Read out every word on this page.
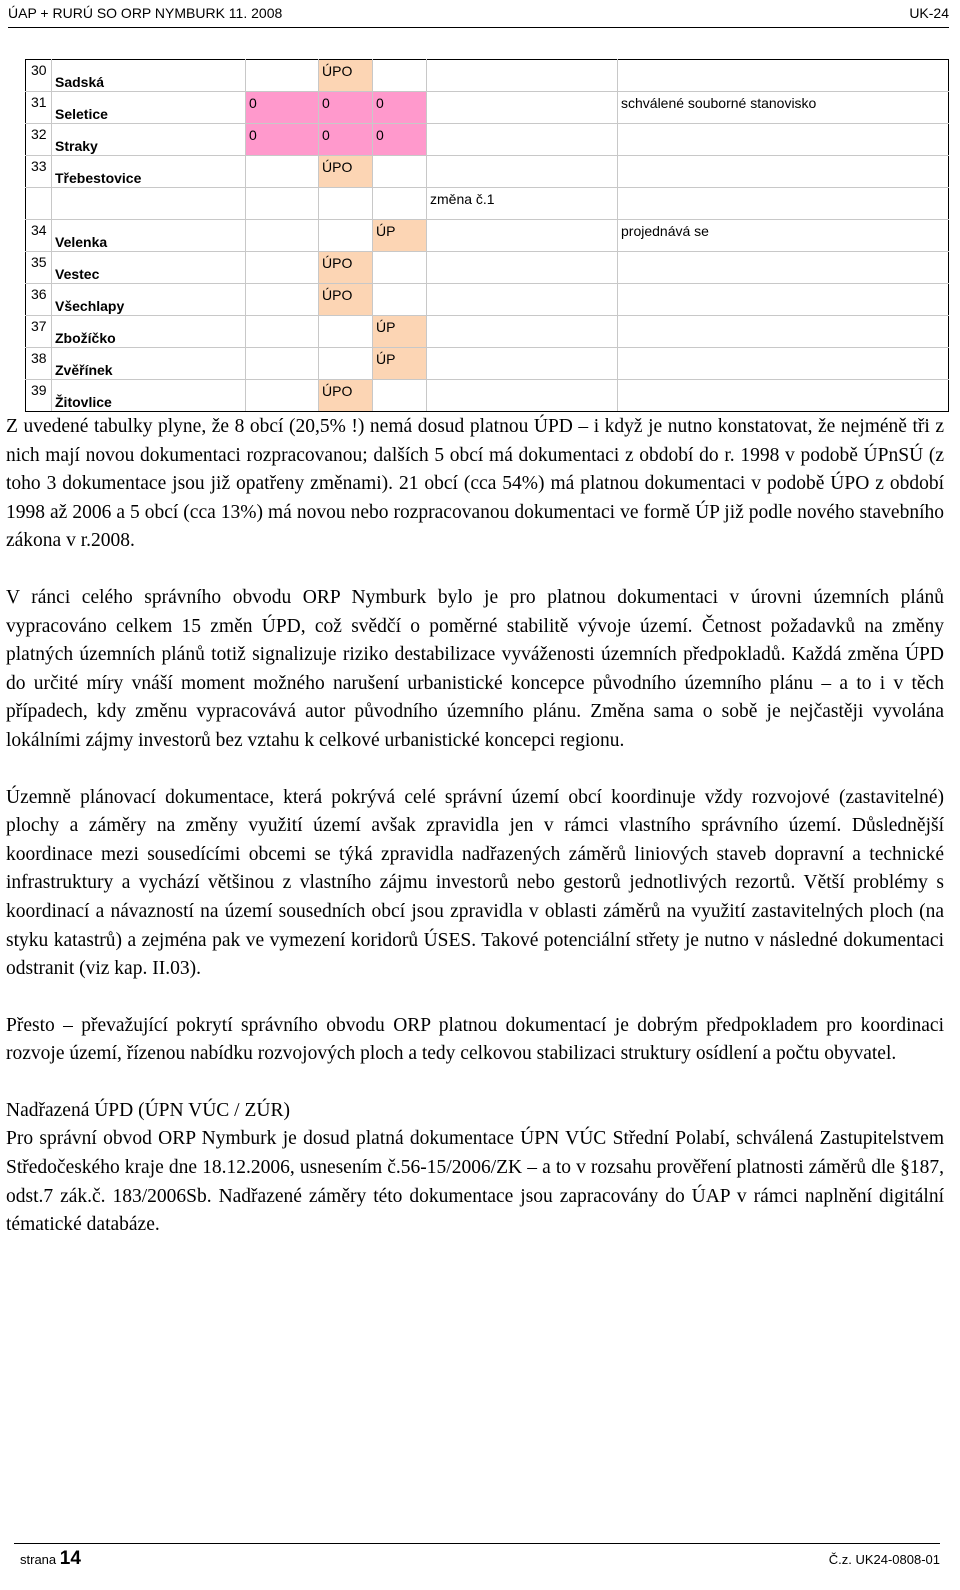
ÚAP + RURÚ SO ORP NYMBURK 11. 2008	UK-24
30	Sadská		ÚPO			
31	Seletice	0	0	0		schválené souborné stanovisko
32	Straky	0	0	0		
33	Třebestovice		ÚPO			
					změna č.1	
34	Velenka			ÚP		projednává se
35	Vestec		ÚPO			
36	Všechlapy		ÚPO			
37	Zbožíčko			ÚP		
38	Zvěřínek			ÚP		
39	Žitovlice		ÚPO			

Z uvedené tabulky plyne, že 8 obcí (20,5% !) nemá dosud platnou ÚPD – i když je nutno konstatovat, že nejméně tři z nich mají novou dokumentaci rozpracovanou; dalších 5 obcí má dokumentaci z období do r. 1998 v podobě ÚPnSÚ (z toho 3 dokumentace jsou již opatřeny změnami). 21 obcí (cca 54%) má platnou dokumentaci v podobě ÚPO z období 1998 až 2006 a 5 obcí (cca 13%) má novou nebo rozpracovanou dokumentaci ve formě ÚP již podle nového stavebního zákona v r.2008.

V ránci celého správního obvodu ORP Nymburk bylo je pro platnou dokumentaci v úrovni územních plánů vypracováno celkem 15 změn ÚPD, což svědčí o poměrné stabilitě vývoje území. Četnost požadavků na změny platných územních plánů totiž signalizuje riziko destabilizace vyváženosti územních předpokladů. Každá změna ÚPD do určité míry vnáší moment možného narušení urbanistické koncepce původního územního plánu – a to i v těch případech, kdy změnu vypracovává autor původního územního plánu. Změna sama o sobě je nejčastěji vyvolána lokálními zájmy investorů bez vztahu k celkové urbanistické koncepci regionu.

Územně plánovací dokumentace, která pokrývá celé správní území obcí koordinuje vždy rozvojové (zastavitelné) plochy a záměry na změny využití území avšak zpravidla jen v rámci vlastního správního území. Důslednější koordinace mezi sousedícími obcemi se týká zpravidla nadřazených záměrů liniových staveb dopravní a technické infrastruktury a vychází většinou z vlastního zájmu investorů nebo gestorů jednotlivých rezortů. Větší problémy s koordinací a návazností na území sousedních obcí jsou zpravidla v oblasti záměrů na využití zastavitelných ploch (na styku katastrů) a zejména pak ve vymezení koridorů ÚSES. Takové potenciální střety je nutno v následné dokumentaci odstranit (viz kap. II.03).

Přesto – převažující pokrytí správního obvodu ORP platnou dokumentací je dobrým předpokladem pro koordinaci rozvoje území, řízenou nabídku rozvojových ploch a tedy celkovou stabilizaci struktury osídlení a počtu obyvatel.

Nadřazená ÚPD (ÚPN VÚC / ZÚR)

Pro správní obvod ORP Nymburk je dosud platná dokumentace ÚPN VÚC Střední Polabí, schválená Zastupitelstvem Středočeského kraje dne 18.12.2006, usnesením č.56-15/2006/ZK – a to v rozsahu prověření platnosti záměrů dle §187, odst.7 zák.č. 183/2006Sb. Nadřazené záměry této dokumentace jsou zapracovány do ÚAP v rámci naplnění digitální tématické databáze.

strana 14	Č.z. UK24-0808-01
